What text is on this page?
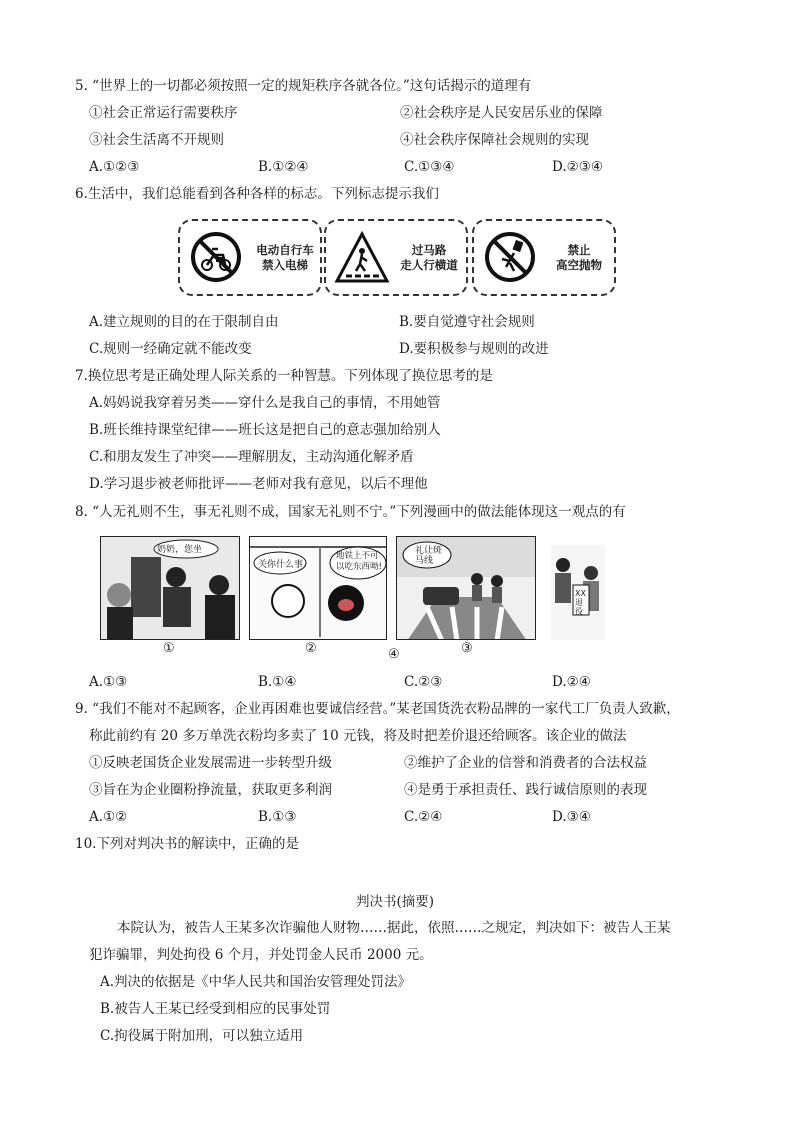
5. “世界上的一切都必须按照一定的规矩秩序各就各位。”这句话揭示的道理有
①社会正常运行需要秩序	②社会秩序是人民安居乐业的保障
③社会生活离不开规则	④社会秩序保障社会规则的实现
A.①②③	B.①②④	C.①③④	D.②③④
6.生活中，我们总能看到各种各样的标志。下列标志提示我们
电动自行车
禁入电梯
过马路
走人行横道
禁止
高空抛物
A.建立规则的目的在于限制自由	B.要自觉遵守社会规则
C.规则一经确定就不能改变	D.要积极参与规则的改进
7.换位思考是正确处理人际关系的一种智慧。下列体现了换位思考的是
A.妈妈说我穿着另类——穿什么是我自己的事情，不用她管
B.班长维持课堂纪律——班长这是把自己的意志强加给别人
C.和朋友发生了冲突——理解朋友，主动沟通化解矛盾
D.学习退步被老师批评——老师对我有意见，以后不理他
8. “人无礼则不生，事无礼则不成，国家无礼则不宁。”下列漫画中的做法能体现这一观点的有
奶奶，您坐
①
关你什么事
地铁上不可以吃东西呦!
②
礼让斑马线
③
XX退役
④
A.①③	B.①④	C.②③	D.②④
9. “我们不能对不起顾客，企业再困难也要诚信经营。”某老国货洗衣粉品牌的一家代工厂负责人致歉，
称此前约有 20 多万单洗衣粉均多卖了 10 元钱，将及时把差价退还给顾客。该企业的做法
①反映老国货企业发展需进一步转型升级	②维护了企业的信誉和消费者的合法权益
③旨在为企业圈粉挣流量，获取更多利润	④是勇于承担责任、践行诚信原则的表现
A.①②	B.①③	C.②④	D.③④
10.下列对判决书的解读中，正确的是
判决书(摘要)
本院认为，被告人王某多次诈骗他人财物……据此，依照……之规定，判决如下：被告人王某
犯诈骗罪，判处拘役 6 个月，并处罚金人民币 2000 元。
A.判决的依据是《中华人民共和国治安管理处罚法》
B.被告人王某已经受到相应的民事处罚
C.拘役属于附加刑，可以独立适用
